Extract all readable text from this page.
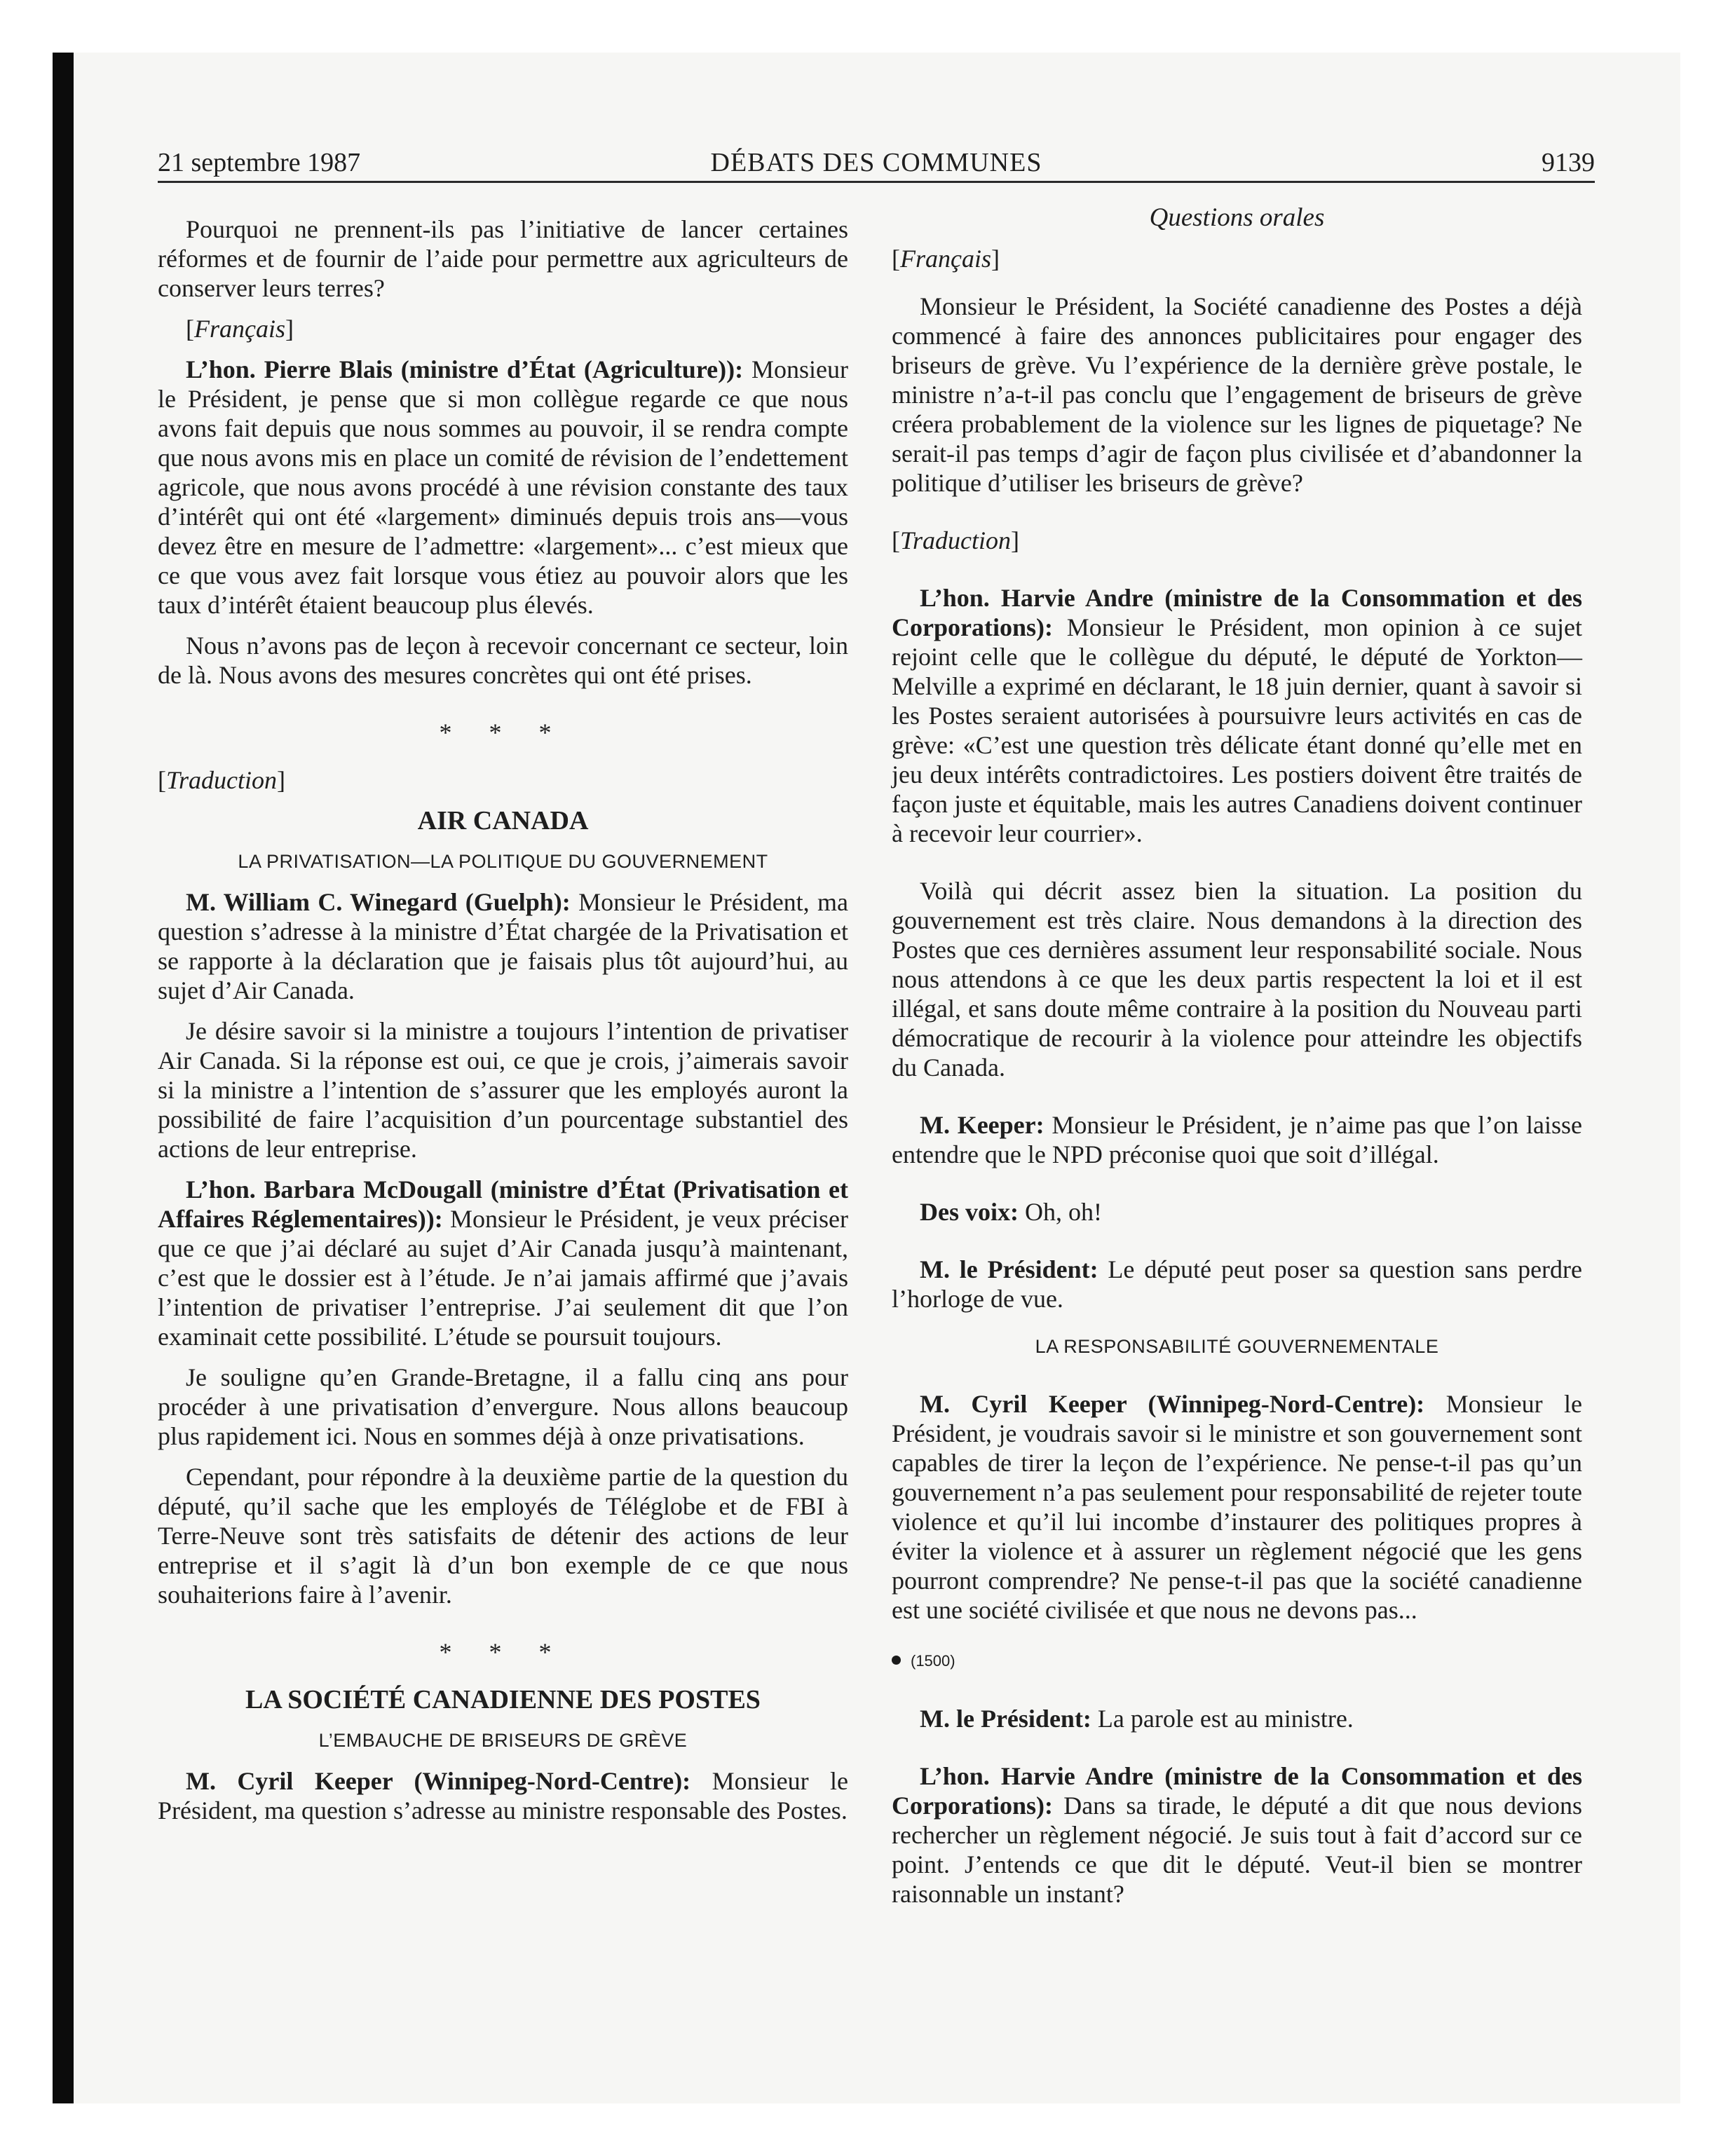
21 septembre 1987	DÉBATS DES COMMUNES	9139

Pourquoi ne prennent-ils pas l’initiative de lancer certaines réformes et de fournir de l’aide pour permettre aux agriculteurs de conserver leurs terres?

[Français]

L’hon. Pierre Blais (ministre d’État (Agriculture)): Monsieur le Président, je pense que si mon collègue regarde ce que nous avons fait depuis que nous sommes au pouvoir, il se rendra compte que nous avons mis en place un comité de révision de l’endettement agricole, que nous avons procédé à une révision constante des taux d’intérêt qui ont été «largement» diminués depuis trois ans—vous devez être en mesure de l’admettre: «largement»... c’est mieux que ce que vous avez fait lorsque vous étiez au pouvoir alors que les taux d’intérêt étaient beaucoup plus élevés.

Nous n’avons pas de leçon à recevoir concernant ce secteur, loin de là. Nous avons des mesures concrètes qui ont été prises.

* * *

[Traduction]

AIR CANADA

LA PRIVATISATION—LA POLITIQUE DU GOUVERNEMENT

M. William C. Winegard (Guelph): Monsieur le Président, ma question s’adresse à la ministre d’État chargée de la Privatisation et se rapporte à la déclaration que je faisais plus tôt aujourd’hui, au sujet d’Air Canada.

Je désire savoir si la ministre a toujours l’intention de privatiser Air Canada. Si la réponse est oui, ce que je crois, j’aimerais savoir si la ministre a l’intention de s’assurer que les employés auront la possibilité de faire l’acquisition d’un pourcentage substantiel des actions de leur entreprise.

L’hon. Barbara McDougall (ministre d’État (Privatisation et Affaires Réglementaires)): Monsieur le Président, je veux préciser que ce que j’ai déclaré au sujet d’Air Canada jusqu’à maintenant, c’est que le dossier est à l’étude. Je n’ai jamais affirmé que j’avais l’intention de privatiser l’entreprise. J’ai seulement dit que l’on examinait cette possibilité. L’étude se poursuit toujours.

Je souligne qu’en Grande-Bretagne, il a fallu cinq ans pour procéder à une privatisation d’envergure. Nous allons beaucoup plus rapidement ici. Nous en sommes déjà à onze privatisations.

Cependant, pour répondre à la deuxième partie de la question du député, qu’il sache que les employés de Téléglobe et de FBI à Terre-Neuve sont très satisfaits de détenir des actions de leur entreprise et il s’agit là d’un bon exemple de ce que nous souhaiterions faire à l’avenir.

* * *

LA SOCIÉTÉ CANADIENNE DES POSTES

L’EMBAUCHE DE BRISEURS DE GRÈVE

M. Cyril Keeper (Winnipeg-Nord-Centre): Monsieur le Président, ma question s’adresse au ministre responsable des Postes.

Questions orales

[Français]

Monsieur le Président, la Société canadienne des Postes a déjà commencé à faire des annonces publicitaires pour engager des briseurs de grève. Vu l’expérience de la dernière grève postale, le ministre n’a-t-il pas conclu que l’engagement de briseurs de grève créera probablement de la violence sur les lignes de piquetage? Ne serait-il pas temps d’agir de façon plus civilisée et d’abandonner la politique d’utiliser les briseurs de grève?

[Traduction]

L’hon. Harvie Andre (ministre de la Consommation et des Corporations): Monsieur le Président, mon opinion à ce sujet rejoint celle que le collègue du député, le député de Yorkton—Melville a exprimé en déclarant, le 18 juin dernier, quant à savoir si les Postes seraient autorisées à poursuivre leurs activités en cas de grève: «C’est une question très délicate étant donné qu’elle met en jeu deux intérêts contradictoires. Les postiers doivent être traités de façon juste et équitable, mais les autres Canadiens doivent continuer à recevoir leur courrier».

Voilà qui décrit assez bien la situation. La position du gouvernement est très claire. Nous demandons à la direction des Postes que ces dernières assument leur responsabilité sociale. Nous nous attendons à ce que les deux partis respectent la loi et il est illégal, et sans doute même contraire à la position du Nouveau parti démocratique de recourir à la violence pour atteindre les objectifs du Canada.

M. Keeper: Monsieur le Président, je n’aime pas que l’on laisse entendre que le NPD préconise quoi que soit d’illégal.

Des voix: Oh, oh!

M. le Président: Le député peut poser sa question sans perdre l’horloge de vue.

LA RESPONSABILITÉ GOUVERNEMENTALE

M. Cyril Keeper (Winnipeg-Nord-Centre): Monsieur le Président, je voudrais savoir si le ministre et son gouvernement sont capables de tirer la leçon de l’expérience. Ne pense-t-il pas qu’un gouvernement n’a pas seulement pour responsabilité de rejeter toute violence et qu’il lui incombe d’instaurer des politiques propres à éviter la violence et à assurer un règlement négocié que les gens pourront comprendre? Ne pense-t-il pas que la société canadienne est une société civilisée et que nous ne devons pas...

(1500)

M. le Président: La parole est au ministre.

L’hon. Harvie Andre (ministre de la Consommation et des Corporations): Dans sa tirade, le député a dit que nous devions rechercher un règlement négocié. Je suis tout à fait d’accord sur ce point. J’entends ce que dit le député. Veut-il bien se montrer raisonnable un instant?
